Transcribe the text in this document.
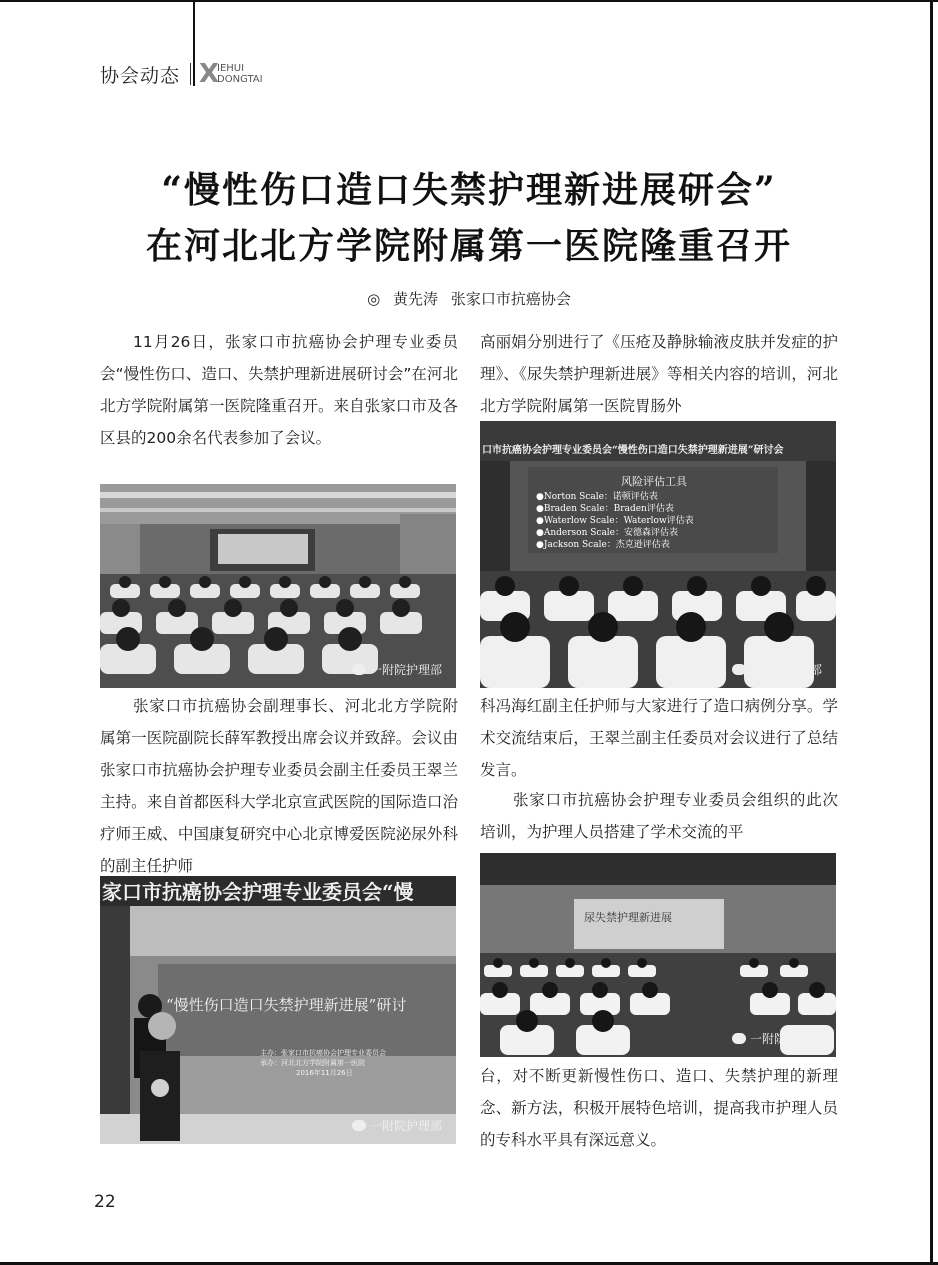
协会动态 X
IEHUI
DONGTAI
“慢性伤口造口失禁护理新进展研会”
在河北北方学院附属第一医院隆重召开
◎ 黄先涛 张家口市抗癌协会

11月26日，张家口市抗癌协会护理专业委员会“慢性伤口、造口、失禁护理新进展研讨会”在河北北方学院附属第一医院隆重召开。来自张家口市及各区县的200余名代表参加了会议。

高丽娟分别进行了《压疮及静脉输液皮肤并发症的护理》、《尿失禁护理新进展》等相关内容的培训，河北北方学院附属第一医院胃肠外

张家口市抗癌协会副理事长、河北北方学院附属第一医院副院长薛军教授出席会议并致辞。会议由张家口市抗癌协会护理专业委员会副主任委员王翠兰主持。来自首都医科大学北京宣武医院的国际造口治疗师王威、中国康复研究中心北京博爱医院泌尿外科的副主任护师

科冯海红副主任护师与大家进行了造口病例分享。学术交流结束后，王翠兰副主任委员对会议进行了总结发言。

张家口市抗癌协会护理专业委员会组织的此次培训，为护理人员搭建了学术交流的平

台，对不断更新慢性伤口、造口、失禁护理的新理念、新方法，积极开展特色培训，提高我市护理人员的专科水平具有深远意义。

一附院护理部
口市抗癌协会护理专业委员会“慢性伤口造口失禁护理新进展”研讨会
风险评估工具
●Norton Scale：诺顿评估表
●Braden Scale：Braden评估表
●Waterlow Scale：Waterlow评估表
●Anderson Scale：安德森评估表
●Jackson Scale：杰克逊评估表
一附院护理部
家口市抗癌协会护理专业委员会“慢
“慢性伤口造口失禁护理新进展”研讨
主办：张家口市抗癌协会护理专业委员会
承办：河北北方学院附属第一医院
2016年11月26日
一附院护理部
尿失禁护理新进展
一附院护理部
22
